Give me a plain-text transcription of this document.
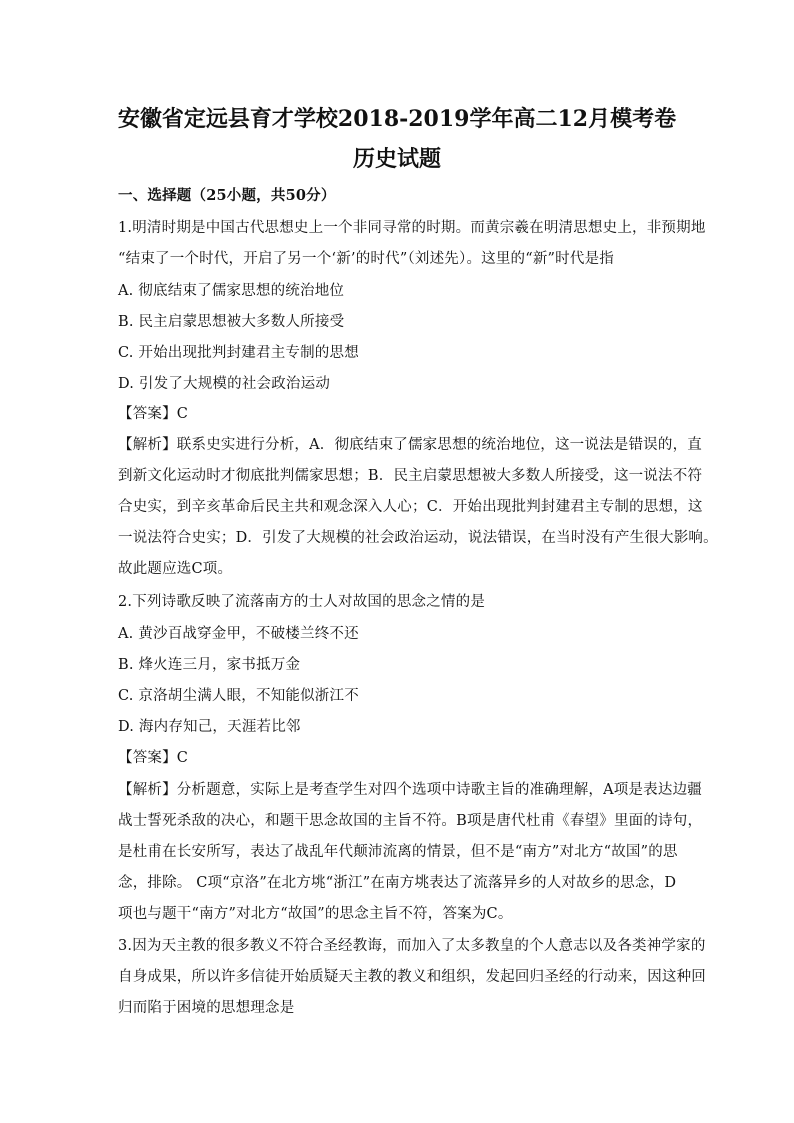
安徽省定远县育才学校2018-2019学年高二12月模考卷
历史试题
一、选择题（25小题，共50分）
1.明清时期是中国古代思想史上一个非同寻常的时期。而黄宗羲在明清思想史上，非预期地
“结束了一个时代，开启了另一个‘新’的时代”（刘述先）。这里的“新”时代是指
A. 彻底结束了儒家思想的统治地位
B. 民主启蒙思想被大多数人所接受
C. 开始出现批判封建君主专制的思想
D. 引发了大规模的社会政治运动
【答案】C
【解析】联系史实进行分析，A．彻底结束了儒家思想的统治地位，这一说法是错误的，直
到新文化运动时才彻底批判儒家思想；B．民主启蒙思想被大多数人所接受，这一说法不符
合史实，到辛亥革命后民主共和观念深入人心；C．开始出现批判封建君主专制的思想，这
一说法符合史实；D．引发了大规模的社会政治运动，说法错误，在当时没有产生很大影响。
故此题应选C项。
2.下列诗歌反映了流落南方的士人对故国的思念之情的是
A. 黄沙百战穿金甲，不破楼兰终不还
B. 烽火连三月，家书抵万金
C. 京洛胡尘满人眼，不知能似浙江不
D. 海内存知己，天涯若比邻
【答案】C
【解析】分析题意，实际上是考查学生对四个选项中诗歌主旨的准确理解，A项是表达边疆
战士誓死杀敌的决心，和题干思念故国的主旨不符。B项是唐代杜甫《春望》里面的诗句，
是杜甫在长安所写，表达了战乱年代颠沛流离的情景，但不是“南方”对北方“故国”的思
念，排除。 C项“京洛”在北方垗“浙江”在南方垗表达了流落异乡的人对故乡的思念，D
项也与题干“南方”对北方“故国”的思念主旨不符，答案为C。
3.因为天主教的很多教义不符合圣经教诲，而加入了太多教皇的个人意志以及各类神学家的
自身成果，所以许多信徒开始质疑天主教的教义和组织，发起回归圣经的行动来，因这种回
归而陷于困境的思想理念是
